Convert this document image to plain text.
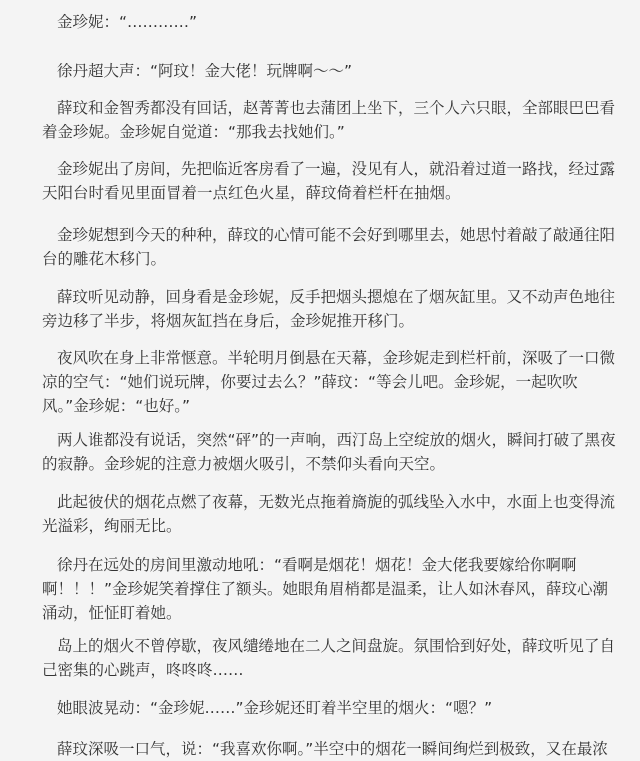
金珍妮：“…………”

徐丹超大声：“阿玟！金大佬！玩牌啊～～”

薛玟和金智秀都没有回话，赵菁菁也去蒲团上坐下，三个人六只眼，全部眼巴巴看着金珍妮。金珍妮自觉道：“那我去找她们。”

金珍妮出了房间，先把临近客房看了一遍，没见有人，就沿着过道一路找，经过露天阳台时看见里面冒着一点红色火星，薛玟倚着栏杆在抽烟。

金珍妮想到今天的种种，薛玟的心情可能不会好到哪里去，她思忖着敲了敲通往阳台的雕花木移门。

薛玟听见动静，回身看是金珍妮，反手把烟头摁熄在了烟灰缸里。又不动声色地往旁边移了半步，将烟灰缸挡在身后，金珍妮推开移门。

夜风吹在身上非常惬意。半轮明月倒悬在天幕，金珍妮走到栏杆前，深吸了一口微凉的空气：“她们说玩牌，你要过去么？”薛玟：“等会儿吧。金珍妮，一起吹吹风。”金珍妮：“也好。”

两人谁都没有说话，突然“砰”的一声响，西汀岛上空绽放的烟火，瞬间打破了黑夜的寂静。金珍妮的注意力被烟火吸引，不禁仰头看向天空。

此起彼伏的烟花点燃了夜幕，无数光点拖着旖旎的弧线坠入水中，水面上也变得流光溢彩，绚丽无比。

徐丹在远处的房间里激动地吼：“看啊是烟花！烟花！金大佬我要嫁给你啊啊啊！！！”金珍妮笑着撑住了额头。她眼角眉梢都是温柔，让人如沐春风，薛玟心潮涌动，怔怔盯着她。

岛上的烟火不曾停歇，夜风缱绻地在二人之间盘旋。氛围恰到好处，薛玟听见了自己密集的心跳声，咚咚咚……

她眼波晃动：“金珍妮……”金珍妮还盯着半空里的烟火：“嗯？”

薛玟深吸一口气，说：“我喜欢你啊。”半空中的烟花一瞬间绚烂到极致，又在最浓
